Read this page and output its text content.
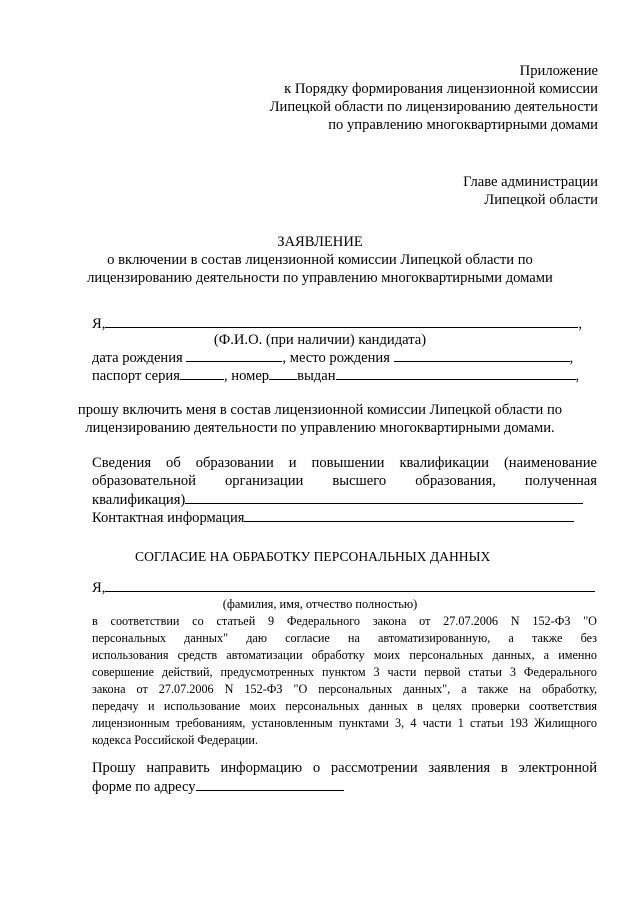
Приложение
к Порядку формирования лицензионной комиссии
Липецкой области по лицензированию деятельности
по управлению многоквартирными домами
Главе администрации
Липецкой области
ЗАЯВЛЕНИЕ
о включении в состав лицензионной комиссии Липецкой области по
лицензированию деятельности по управлению многоквартирными домами
Я,	,
(Ф.И.О. (при наличии) кандидата)
дата рождения	, место рождения	,
паспорт серия	, номер выдан	,
прошу включить меня в состав лицензионной комиссии Липецкой области по
лицензированию деятельности по управлению многоквартирными домами.
Сведения об образовании и повышении квалификации (наименование
образовательной организации высшего образования, полученная
квалификация)
Контактная информация
СОГЛАСИЕ НА ОБРАБОТКУ ПЕРСОНАЛЬНЫХ ДАННЫХ
Я,
(фамилия, имя, отчество полностью)
в соответствии со статьей 9 Федерального закона от 27.07.2006 N 152-ФЗ "О
персональных данных" даю согласие на автоматизированную, а также без
использования средств автоматизации обработку моих персональных данных, а именно
совершение действий, предусмотренных пунктом 3 части первой статьи 3 Федерального
закона от 27.07.2006 N 152-ФЗ "О персональных данных", а также на обработку,
передачу и использование моих персональных данных в целях проверки соответствия
лицензионным требованиям, установленным пунктами 3, 4 части 1 статьи 193 Жилищного
кодекса Российской Федерации.
Прошу направить информацию о рассмотрении заявления в электронной
форме по адресу
